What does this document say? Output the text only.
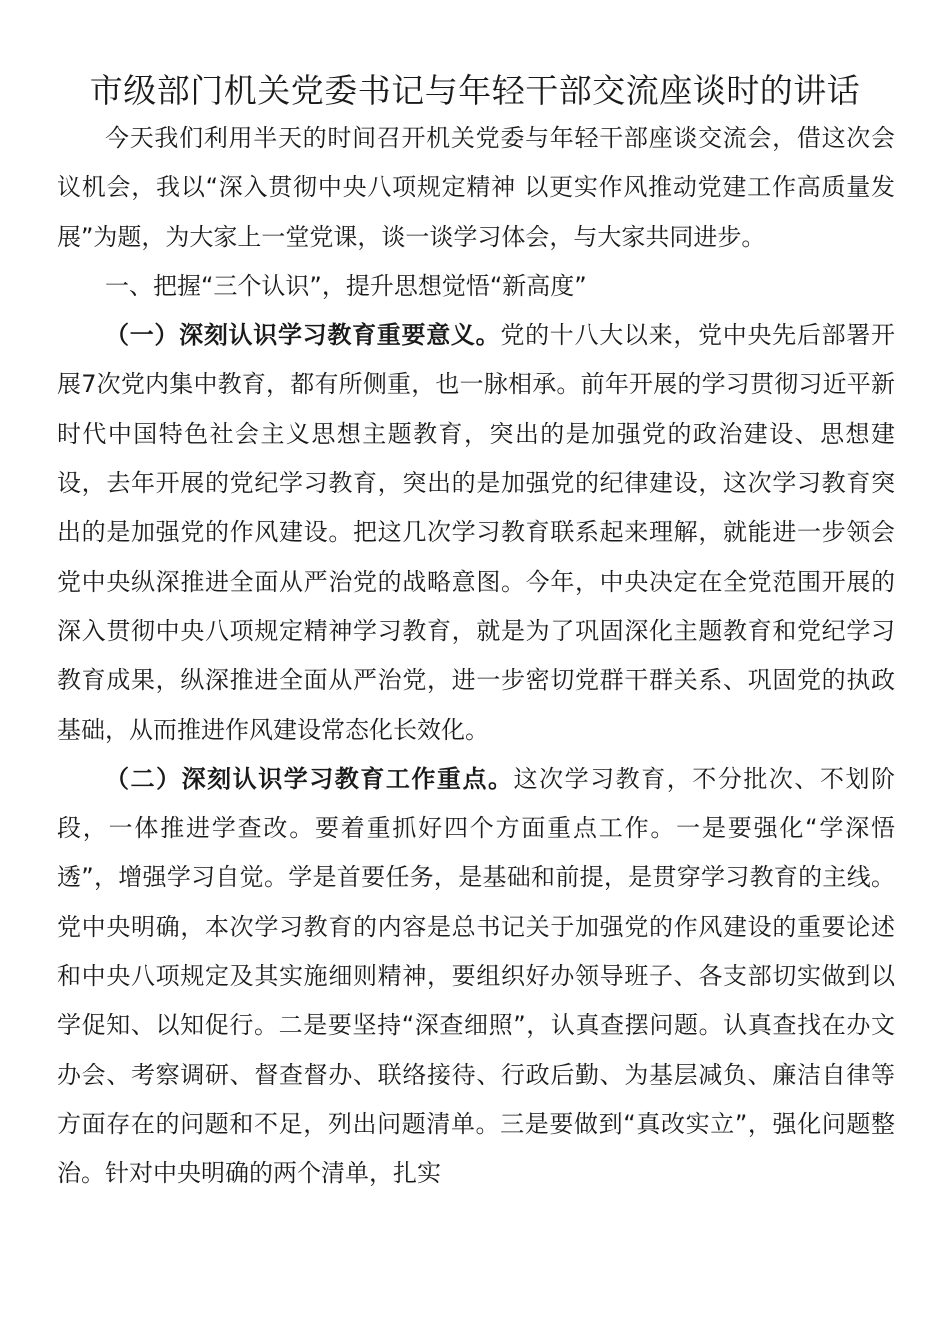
市级部门机关党委书记与年轻干部交流座谈时的讲话

今天我们利用半天的时间召开机关党委与年轻干部座谈交流会，借这次会议机会，我以“深入贯彻中央八项规定精神 以更实作风推动党建工作高质量发展”为题，为大家上一堂党课，谈一谈学习体会，与大家共同进步。

一、把握“三个认识”，提升思想觉悟“新高度”

（一）深刻认识学习教育重要意义。党的十八大以来，党中央先后部署开展7次党内集中教育，都有所侧重，也一脉相承。前年开展的学习贯彻习近平新时代中国特色社会主义思想主题教育，突出的是加强党的政治建设、思想建设，去年开展的党纪学习教育，突出的是加强党的纪律建设，这次学习教育突出的是加强党的作风建设。把这几次学习教育联系起来理解，就能进一步领会党中央纵深推进全面从严治党的战略意图。今年，中央决定在全党范围开展的深入贯彻中央八项规定精神学习教育，就是为了巩固深化主题教育和党纪学习教育成果，纵深推进全面从严治党，进一步密切党群干群关系、巩固党的执政基础，从而推进作风建设常态化长效化。

（二）深刻认识学习教育工作重点。这次学习教育，不分批次、不划阶段，一体推进学查改。要着重抓好四个方面重点工作。一是要强化“学深悟透”，增强学习自觉。学是首要任务，是基础和前提，是贯穿学习教育的主线。党中央明确，本次学习教育的内容是总书记关于加强党的作风建设的重要论述和中央八项规定及其实施细则精神，要组织好办领导班子、各支部切实做到以学促知、以知促行。二是要坚持“深查细照”，认真查摆问题。认真查找在办文办会、考察调研、督查督办、联络接待、行政后勤、为基层减负、廉洁自律等方面存在的问题和不足，列出问题清单。三是要做到“真改实立”，强化问题整治。针对中央明确的两个清单，扎实
